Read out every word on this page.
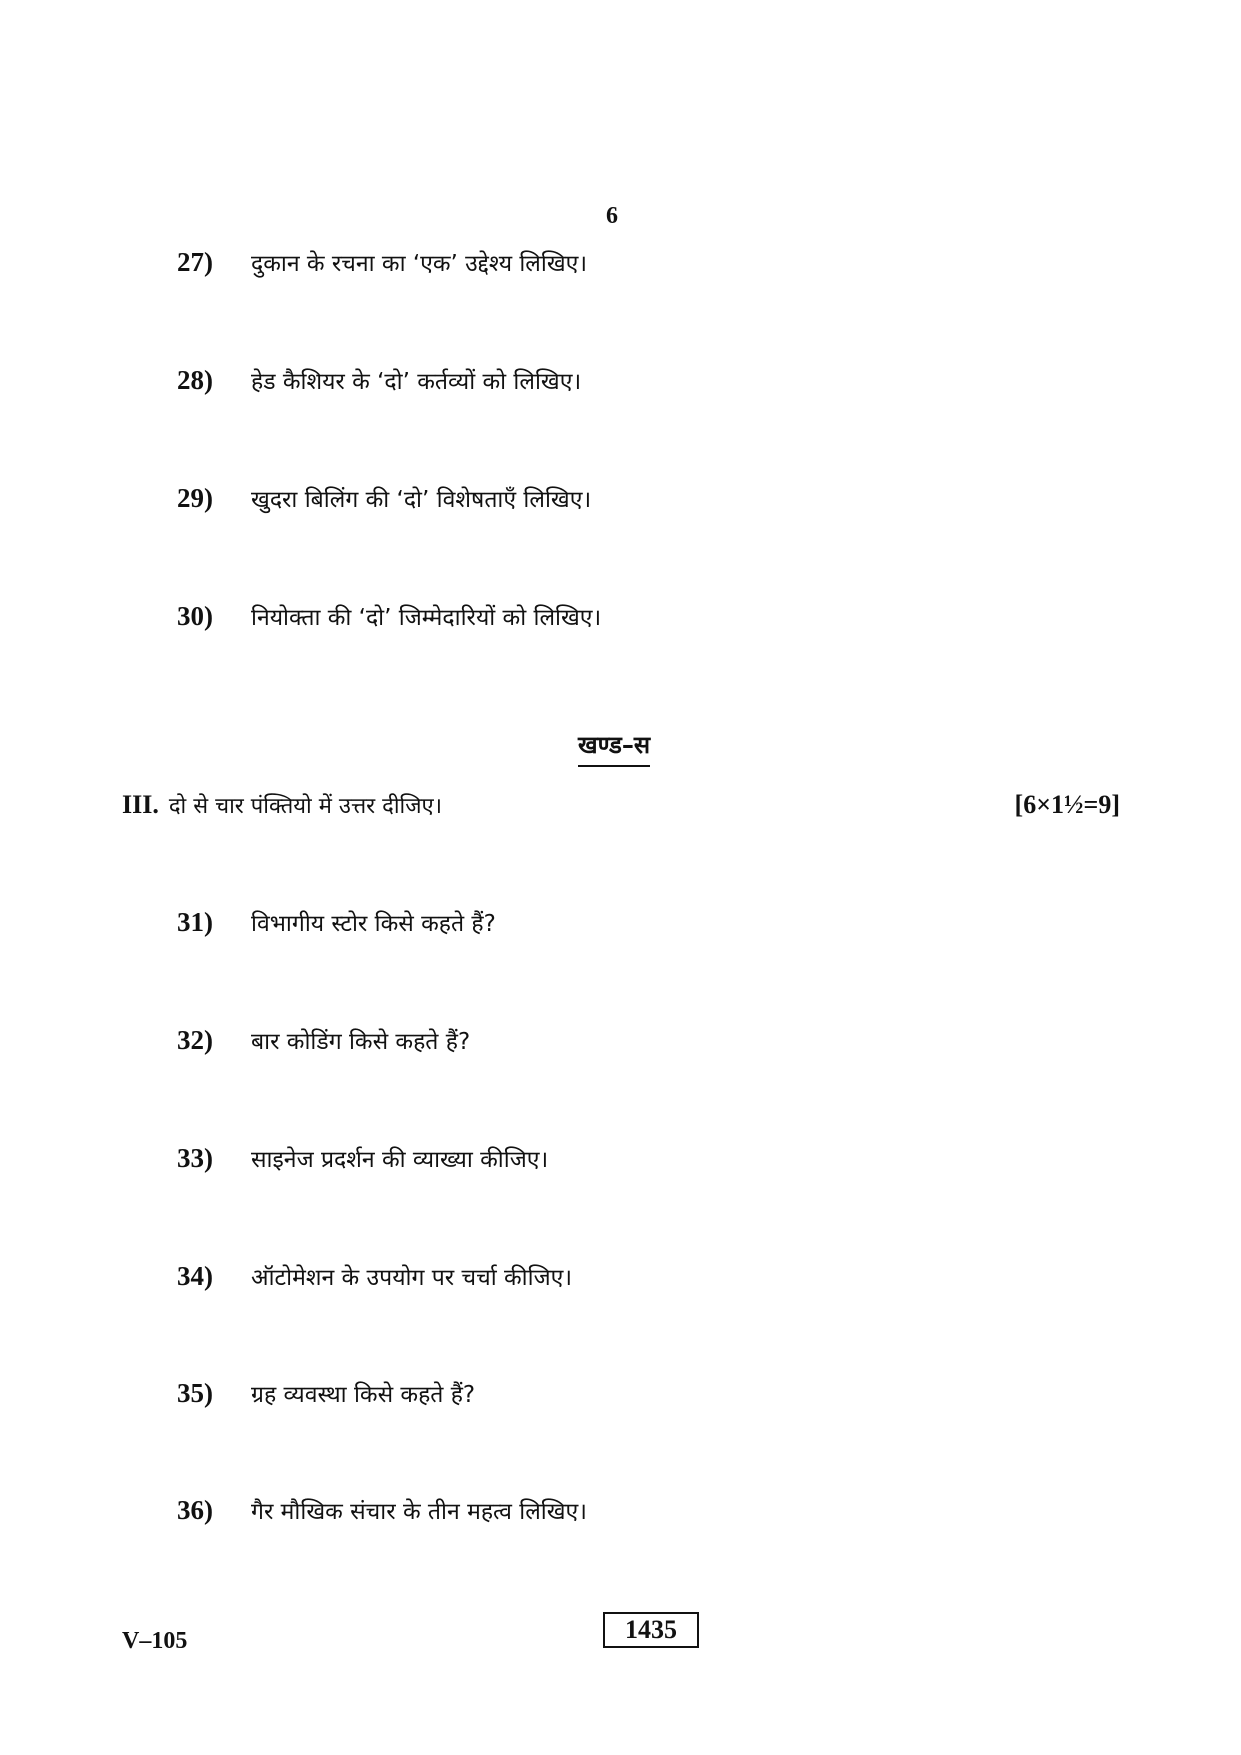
6
27)	दुकान के रचना का ‘एक’ उद्देश्य लिखिए।
28)	हेड कैशियर के ‘दो’ कर्तव्यों को लिखिए।
29)	खुदरा बिलिंग की ‘दो’ विशेषताएँ लिखिए।
30)	नियोक्ता की ‘दो’ जिम्मेदारियों को लिखिए।
खण्ड–स
III. दो से चार पंक्तियो में उत्तर दीजिए।	[6×1½=9]
31)	विभागीय स्टोर किसे कहते हैं?
32)	बार कोडिंग किसे कहते हैं?
33)	साइनेज प्रदर्शन की व्याख्या कीजिए।
34)	ऑटोमेशन के उपयोग पर चर्चा कीजिए।
35)	ग्रह व्यवस्था किसे कहते हैं?
36)	गैर मौखिक संचार के तीन महत्व लिखिए।
V–105	1435
